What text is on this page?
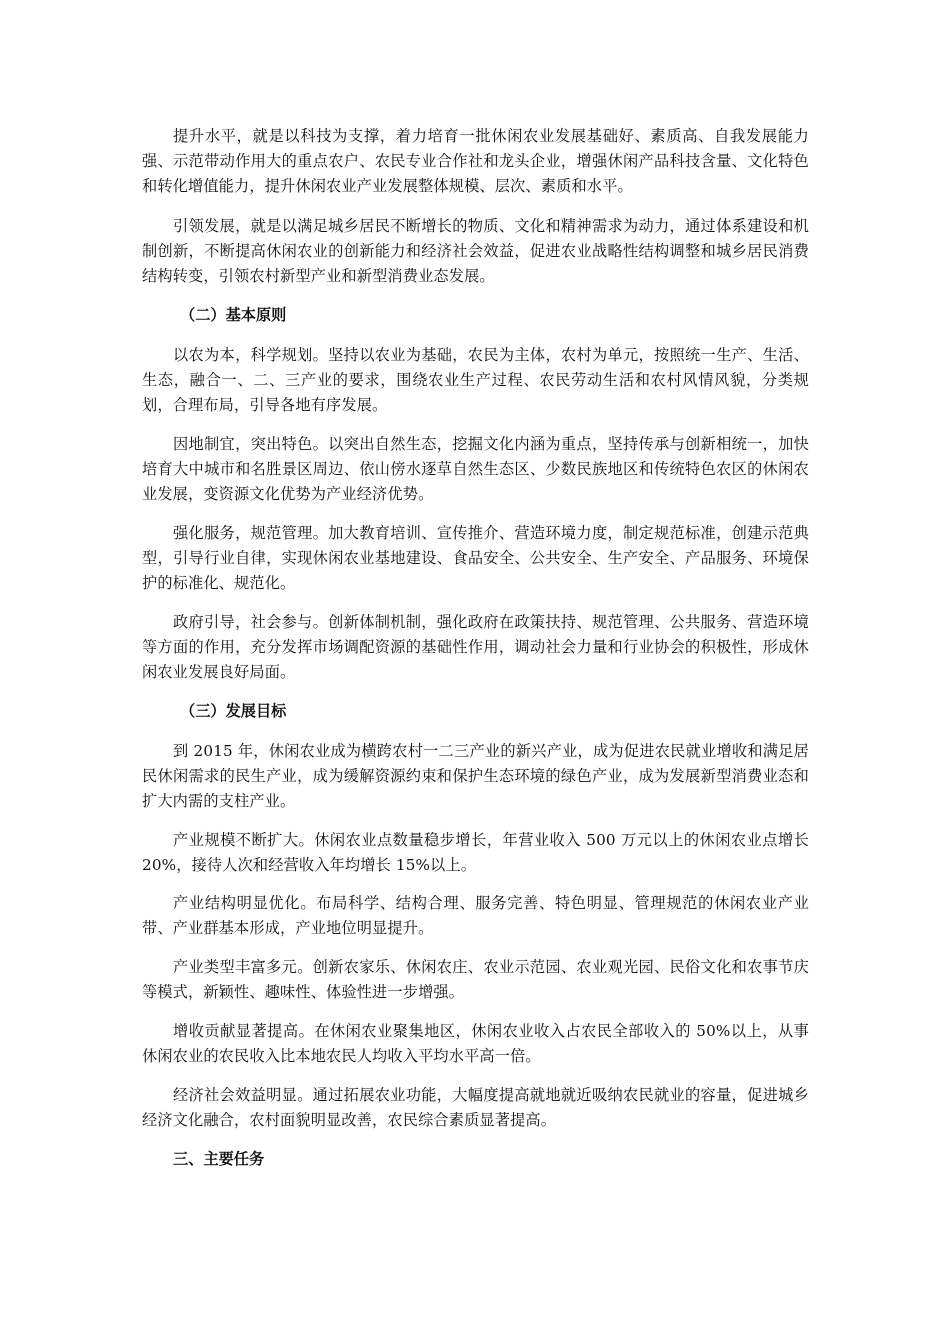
提升水平，就是以科技为支撑，着力培育一批休闲农业发展基础好、素质高、自我发展能力强、示范带动作用大的重点农户、农民专业合作社和龙头企业，增强休闲产品科技含量、文化特色和转化增值能力，提升休闲农业产业发展整体规模、层次、素质和水平。

引领发展，就是以满足城乡居民不断增长的物质、文化和精神需求为动力，通过体系建设和机制创新，不断提高休闲农业的创新能力和经济社会效益，促进农业战略性结构调整和城乡居民消费结构转变，引领农村新型产业和新型消费业态发展。

（二）基本原则

以农为本，科学规划。坚持以农业为基础，农民为主体，农村为单元，按照统一生产、生活、生态，融合一、二、三产业的要求，围绕农业生产过程、农民劳动生活和农村风情风貌，分类规划，合理布局，引导各地有序发展。

因地制宜，突出特色。以突出自然生态，挖掘文化内涵为重点，坚持传承与创新相统一，加快培育大中城市和名胜景区周边、依山傍水逐草自然生态区、少数民族地区和传统特色农区的休闲农业发展，变资源文化优势为产业经济优势。

强化服务，规范管理。加大教育培训、宣传推介、营造环境力度，制定规范标准，创建示范典型，引导行业自律，实现休闲农业基地建设、食品安全、公共安全、生产安全、产品服务、环境保护的标准化、规范化。

政府引导，社会参与。创新体制机制，强化政府在政策扶持、规范管理、公共服务、营造环境等方面的作用，充分发挥市场调配资源的基础性作用，调动社会力量和行业协会的积极性，形成休闲农业发展良好局面。

（三）发展目标

到 2015 年，休闲农业成为横跨农村一二三产业的新兴产业，成为促进农民就业增收和满足居民休闲需求的民生产业，成为缓解资源约束和保护生态环境的绿色产业，成为发展新型消费业态和扩大内需的支柱产业。

产业规模不断扩大。休闲农业点数量稳步增长，年营业收入 500 万元以上的休闲农业点增长 20%，接待人次和经营收入年均增长 15%以上。

产业结构明显优化。布局科学、结构合理、服务完善、特色明显、管理规范的休闲农业产业带、产业群基本形成，产业地位明显提升。

产业类型丰富多元。创新农家乐、休闲农庄、农业示范园、农业观光园、民俗文化和农事节庆等模式，新颖性、趣味性、体验性进一步增强。

增收贡献显著提高。在休闲农业聚集地区，休闲农业收入占农民全部收入的 50%以上，从事休闲农业的农民收入比本地农民人均收入平均水平高一倍。

经济社会效益明显。通过拓展农业功能，大幅度提高就地就近吸纳农民就业的容量，促进城乡经济文化融合，农村面貌明显改善，农民综合素质显著提高。

三、主要任务
